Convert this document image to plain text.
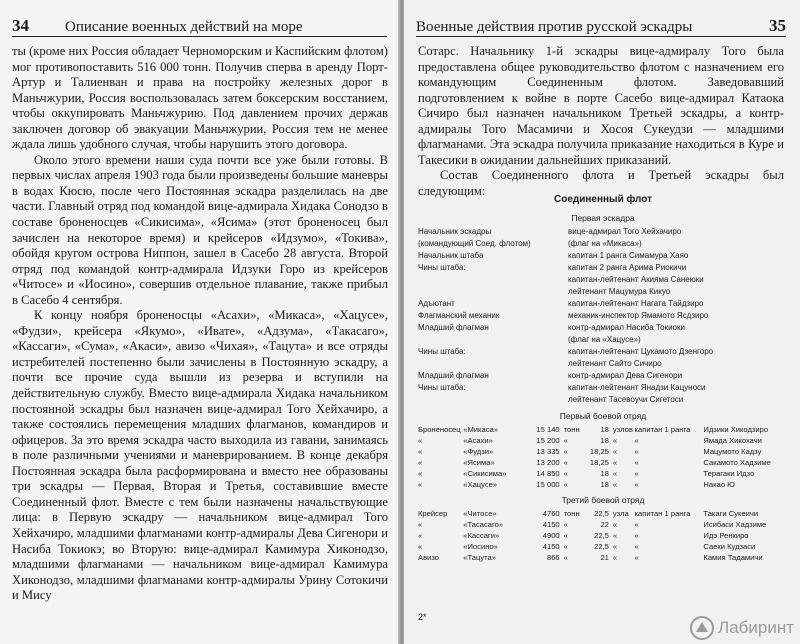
34 Описание военных действий на море

ты (кроме них Россия обладает Черноморским и Каспийским флотом) мог противопоставить 516 000 тонн. Получив сперва в аренду Порт-Артур и Талиенван и права на постройку железных дорог в Маньчжурии, Россия воспользовалась затем боксерским восстанием, чтобы оккупировать Маньчжурию. Под давлением прочих держав заключен договор об эвакуации Маньчжурии, Россия тем не менее ждала лишь удобного случая, чтобы нарушить этого договора.

Около этого времени наши суда почти все уже были готовы. В первых числах апреля 1903 года были произведены большие маневры в водах Кюсю, после чего Постоянная эскадра разделилась на две части. Главный отряд под командой вице-адмирала Хидака Сонодзо в составе броненосцев «Сикисима», «Ясима» (этот броненосец был зачислен на некоторое время) и крейсеров «Идзумо», «Токива», обойдя кругом острова Ниппон, зашел в Сасебо 28 августа. Второй отряд под командой контр-адмирала Идзуки Горо из крейсеров «Читосе» и «Иосино», совершив отдельное плавание, также прибыл в Сасебо 4 сентября.

К концу ноября броненосцы «Асахи», «Микаса», «Хацусе», «Фудзи», крейсера «Якумо», «Ивате», «Адзума», «Такасаго», «Кассаги», «Сума», «Акаси», авизо «Чихая», «Тацута» и все отряды истребителей постепенно были зачислены в Постоянную эскадру, а почти все прочие суда вышли из резерва и вступили на действительную службу. Вместо вице-адмирала Хидака начальником постоянной эскадры был назначен вице-адмирал Того Хейхачиро, а также состоялись перемещения младших флагманов, командиров и офицеров. За это время эскадра часто выходила из гавани, занимаясь в поле различными учениями и маневрированием. В конце декабря Постоянная эскадра была расформирована и вместо нее образованы три эскадры — Первая, Вторая и Третья, составившие вместе Соединенный флот. Вместе с тем были назначены начальствующие лица: в Первую эскадру — начальником вице-адмирал Того Хейхачиро, младшими флагманами контр-адмиралы Дева Сигенори и Насиба Токиокэ; во Вторую: вице-адмирал Камимура Хиконодзо, младшими флагманами — начальником вице-адмирал Камимура Хиконодзо, младшими флагманами контр-адмиралы Урину Сотокичи и Мису

Военные действия против русской эскадры	35

Сотарс. Начальнику 1-й эскадры вице-адмиралу Того была предоставлена общее руководительство флотом с назначением его командующим Соединенным флотом. Заведовавший подготовлением к войне в порте Сасебо вице-адмирал Катаока Сичиро был назначен начальником Третьей эскадры, а контр-адмиралы Того Масамичи и Хосоя Сукеудзи — младшими флагманами. Эта эскадра получила приказание находиться в Куре и Такесики в ожидании дальнейших приказаний.

Состав Соединенного флота и Третьей эскадры был следующим:

Соединенный флот
Первая эскадра
Начальник эскадры	вице-адмирал Того Хейхачиро
(командующий Соед. флотом)	(флаг на «Микаса»)
Начальник штаба	капитан 1 ранга Симамура Хаяо
Чины штаба:	капитан 2 ранга Арима Риокичи
капитан-лейтенант Акияма Санеюки
лейтенант Мацумура Кикуо
Адъютант	капитан-лейтенант Нагата Тайдзиро
Флагманский механик	механик-инспектор Ямамото Ясдзиро
Младший флагман	контр-адмирал Насиба Токиоки
(флаг на «Хацусе»)
Чины штаба:	капитан-лейтенант Цукамото Дзенгоро
лейтенант Сайто Сичиро
Младший флагман	контр-адмирал Дева Сигенори
Чины штаба:	капитан-лейтенант Янадзи Кацуноси
лейтенант Тасевоучи Сигетоси
Первый боевой отряд
Броненосец «Микаса»	15 140 тонн	18 узлов капитан 1 ранга	Идзики Хикодзиро
«	«Асахи»	15 200 «	18 «	«	Ямада Хикохачи
«	«Фудзи»	13 335 «	18,25 «	«	Мацумото Кадзу
«	«Ясима»	13 200 «	18,25 «	«	Сакамото Хадзиме
«	«Сикисима»	14 850 «	18 «	«	Терагаки Идзо
«	«Хацусе»	15 000 «	18 «	«	Накао Ю
Третий боевой отряд
Крейсер	«Читосе»	4760 тонн	22,5 узла капитан 1 ранга	Такаги Сукеичи
«	«Тасасаго»	4150 «	22 «	«	Исибаси Хадзиме
«	«Кассаги»	4900 «	22,5 «	«	Идэ Ренкиро
«	«Иосино»	4150 «	22,5 «	«	Саеки Кудзаси
Авизо	«Тацута»	866 «	21 «	«	Камия Тадамичи
2*
Лабиринт
